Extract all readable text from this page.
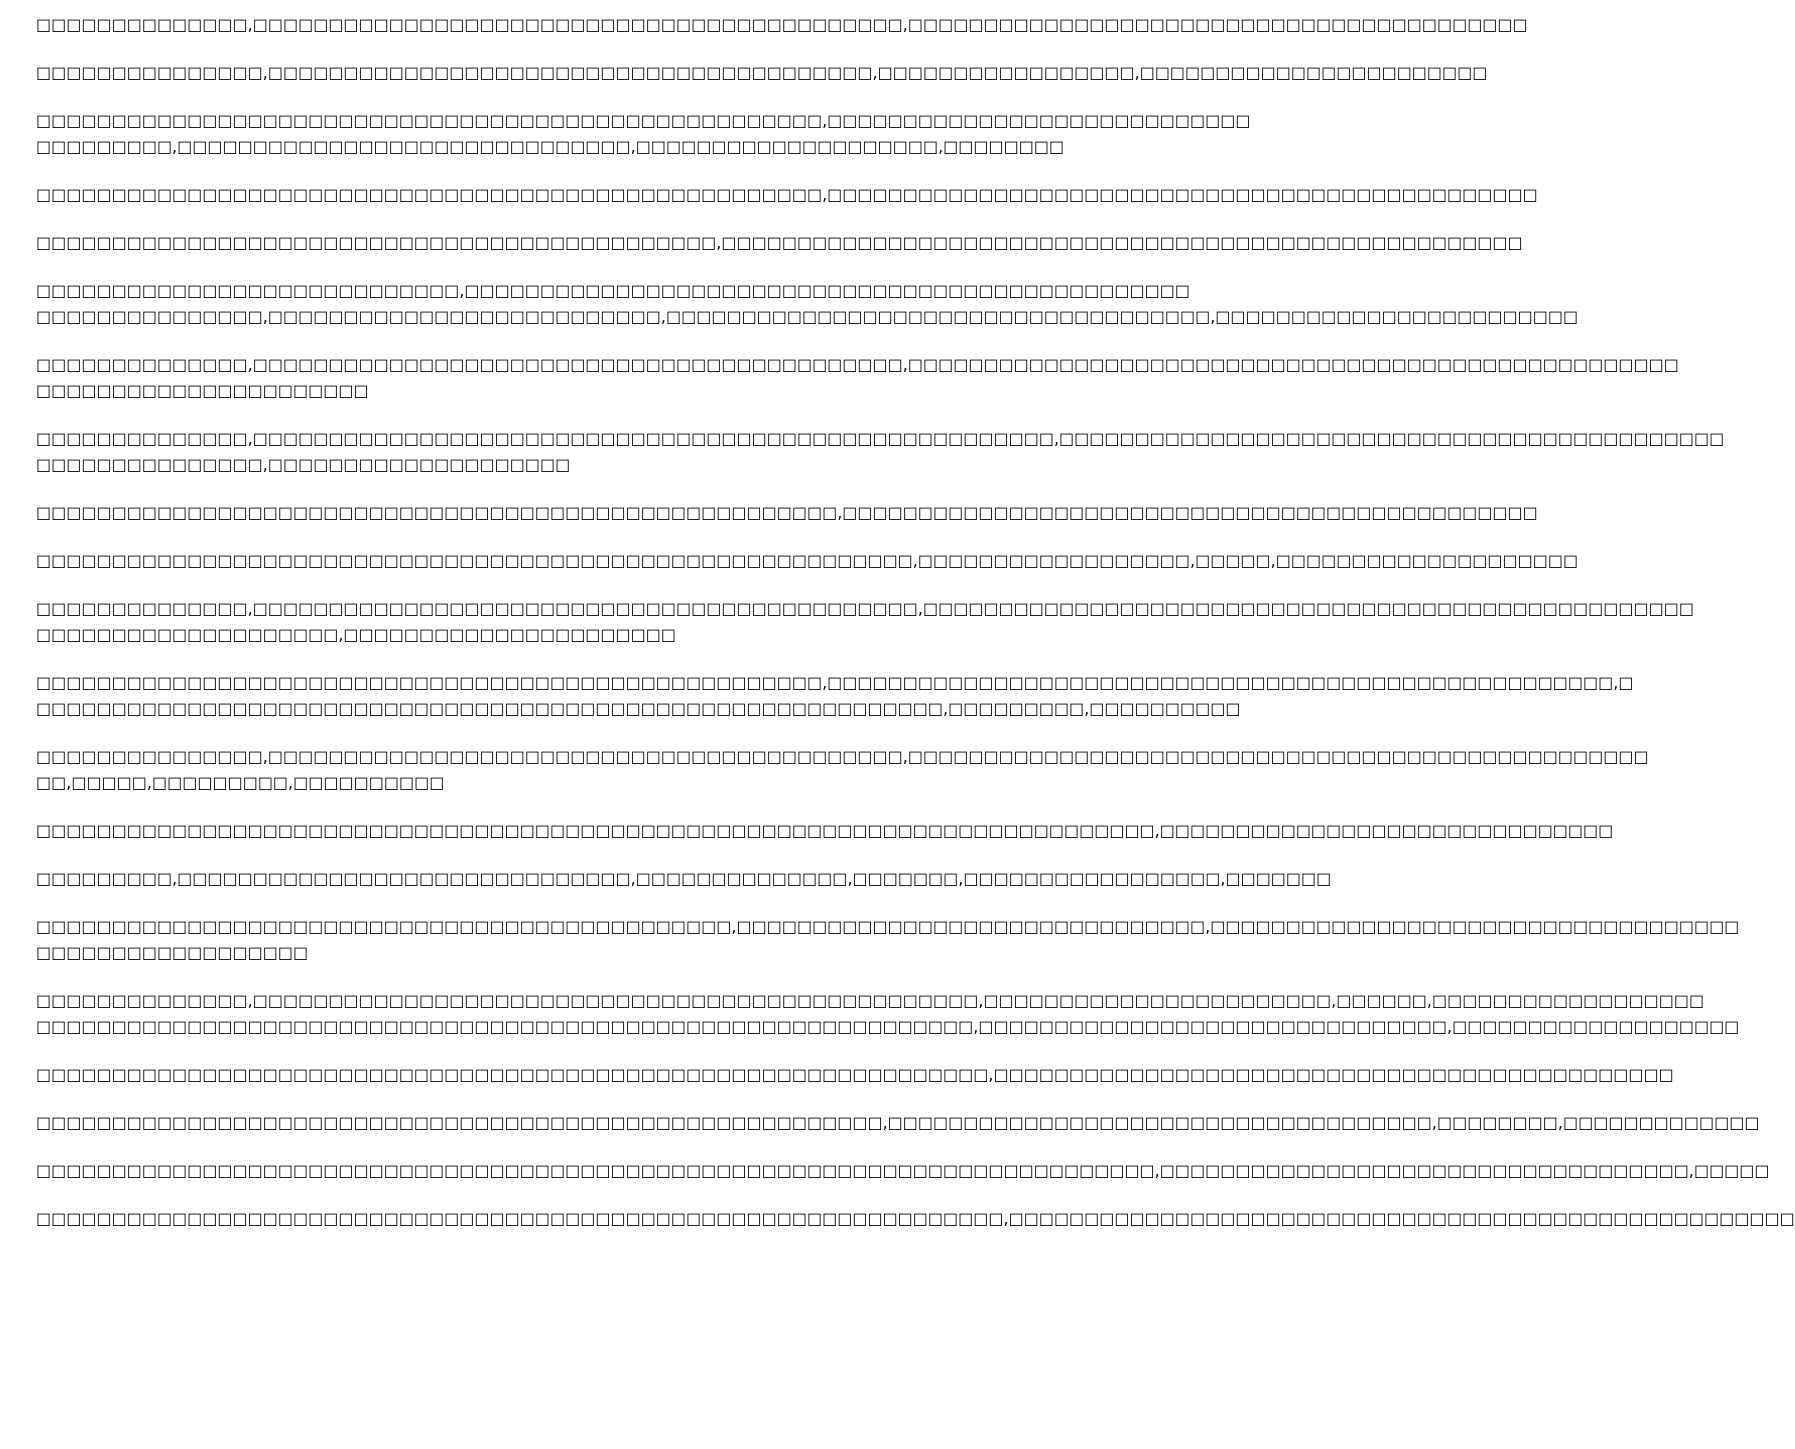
□□□□□□□□□□□□□□,□□□□□□□□□□□□□□□□□□□□□□□□□□□□□□□□□□□□□□□□□□□,□□□□□□□□□□□□□□□□□□□□□□□□□□□□□□□□□□□□□□□□□
□□□□□□□□□□□□□□□,□□□□□□□□□□□□□□□□□□□□□□□□□□□□□□□□□□□□□□□□,□□□□□□□□□□□□□□□□□,□□□□□□□□□□□□□□□□□□□□□□□
□□□□□□□□□□□□□□□□□□□□□□□□□□□□□□□□□□□□□□□□□□□□□□□□□□□□,□□□□□□□□□□□□□□□□□□□□□□□□□□□□
□□□□□□□□□,□□□□□□□□□□□□□□□□□□□□□□□□□□□□□□,□□□□□□□□□□□□□□□□□□□□,□□□□□□□□
□□□□□□□□□□□□□□□□□□□□□□□□□□□□□□□□□□□□□□□□□□□□□□□□□□□□,□□□□□□□□□□□□□□□□□□□□□□□□□□□□□□□□□□□□□□□□□□□□□□□
□□□□□□□□□□□□□□□□□□□□□□□□□□□□□□□□□□□□□□□□□□□□□,□□□□□□□□□□□□□□□□□□□□□□□□□□□□□□□□□□□□□□□□□□□□□□□□□□□□□
□□□□□□□□□□□□□□□□□□□□□□□□□□□□,□□□□□□□□□□□□□□□□□□□□□□□□□□□□□□□□□□□□□□□□□□□□□□□□
□□□□□□□□□□□□□□□,□□□□□□□□□□□□□□□□□□□□□□□□□□,□□□□□□□□□□□□□□□□□□□□□□□□□□□□□□□□□□□□,□□□□□□□□□□□□□□□□□□□□□□□□
□□□□□□□□□□□□□□,□□□□□□□□□□□□□□□□□□□□□□□□□□□□□□□□□□□□□□□□□□□,□□□□□□□□□□□□□□□□□□□□□□□□□□□□□□□□□□□□□□□□□□□□□□□□□□□
□□□□□□□□□□□□□□□□□□□□□□
□□□□□□□□□□□□□□,□□□□□□□□□□□□□□□□□□□□□□□□□□□□□□□□□□□□□□□□□□□□□□□□□□□□□,□□□□□□□□□□□□□□□□□□□□□□□□□□□□□□□□□□□□□□□□□□□□
□□□□□□□□□□□□□□□,□□□□□□□□□□□□□□□□□□□□
□□□□□□□□□□□□□□□□□□□□□□□□□□□□□□□□□□□□□□□□□□□□□□□□□□□□□,□□□□□□□□□□□□□□□□□□□□□□□□□□□□□□□□□□□□□□□□□□□□□□
□□□□□□□□□□□□□□□□□□□□□□□□□□□□□□□□□□□□□□□□□□□□□□□□□□□□□□□□□□,□□□□□□□□□□□□□□□□□□,□□□□□,□□□□□□□□□□□□□□□□□□□□
□□□□□□□□□□□□□□,□□□□□□□□□□□□□□□□□□□□□□□□□□□□□□□□□□□□□□□□□□□□,□□□□□□□□□□□□□□□□□□□□□□□□□□□□□□□□□□□□□□□□□□□□□□□□□□□
□□□□□□□□□□□□□□□□□□□□,□□□□□□□□□□□□□□□□□□□□□□
□□□□□□□□□□□□□□□□□□□□□□□□□□□□□□□□□□□□□□□□□□□□□□□□□□□□,□□□□□□□□□□□□□□□□□□□□□□□□□□□□□□□□□□□□□□□□□□□□□□□□□□□□,□
□□□□□□□□□□□□□□□□□□□□□□□□□□□□□□□□□□□□□□□□□□□□□□□□□□□□□□□□□□□□,□□□□□□□□□,□□□□□□□□□□
□□□□□□□□□□□□□□□,□□□□□□□□□□□□□□□□□□□□□□□□□□□□□□□□□□□□□□□□□□,□□□□□□□□□□□□□□□□□□□□□□□□□□□□□□□□□□□□□□□□□□□□□□□□□
□□,□□□□□,□□□□□□□□□,□□□□□□□□□□
□□□□□□□□□□□□□□□□□□□□□□□□□□□□□□□□□□□□□□□□□□□□□□□□□□□□□□□□□□□□□□□□□□□□□□□□□□,□□□□□□□□□□□□□□□□□□□□□□□□□□□□□□
□□□□□□□□□,□□□□□□□□□□□□□□□□□□□□□□□□□□□□□□,□□□□□□□□□□□□□□,□□□□□□□,□□□□□□□□□□□□□□□□□,□□□□□□□
□□□□□□□□□□□□□□□□□□□□□□□□□□□□□□□□□□□□□□□□□□□□□□,□□□□□□□□□□□□□□□□□□□□□□□□□□□□□□□,□□□□□□□□□□□□□□□□□□□□□□□□□□□□□□□□□□□
□□□□□□□□□□□□□□□□□□
□□□□□□□□□□□□□□,□□□□□□□□□□□□□□□□□□□□□□□□□□□□□□□□□□□□□□□□□□□□□□□□,□□□□□□□□□□□□□□□□□□□□□□□,□□□□□□,□□□□□□□□□□□□□□□□□□
□□□□□□□□□□□□□□□□□□□□□□□□□□□□□□□□□□□□□□□□□□□□□□□□□□□□□□□□□□□□□□,□□□□□□□□□□□□□□□□□□□□□□□□□□□□□□□,□□□□□□□□□□□□□□□□□□□
□□□□□□□□□□□□□□□□□□□□□□□□□□□□□□□□□□□□□□□□□□□□□□□□□□□□□□□□□□□□□□□,□□□□□□□□□□□□□□□□□□□□□□□□□□□□□□□□□□□□□□□□□□□□□
□□□□□□□□□□□□□□□□□□□□□□□□□□□□□□□□□□□□□□□□□□□□□□□□□□□□□□□□,□□□□□□□□□□□□□□□□□□□□□□□□□□□□□□□□□□□□,□□□□□□□□,□□□□□□□□□□□□□
□□□□□□□□□□□□□□□□□□□□□□□□□□□□□□□□□□□□□□□□□□□□□□□□□□□□□□□□□□□□□□□□□□□□□□□□□□,□□□□□□□□□□□□□□□□□□□□□□□□□□□□□□□□□□□,□□□□□
□□□□□□□□□□□□□□□□□□□□□□□□□□□□□□□□□□□□□□□□□□□□□□□□□□□□□□□□□□□□□□□□,□□□□□□□□□□□□□□□□□□□□□□□□□□□□□□□□□□□□□□□□□□□□□□□□□□□□
